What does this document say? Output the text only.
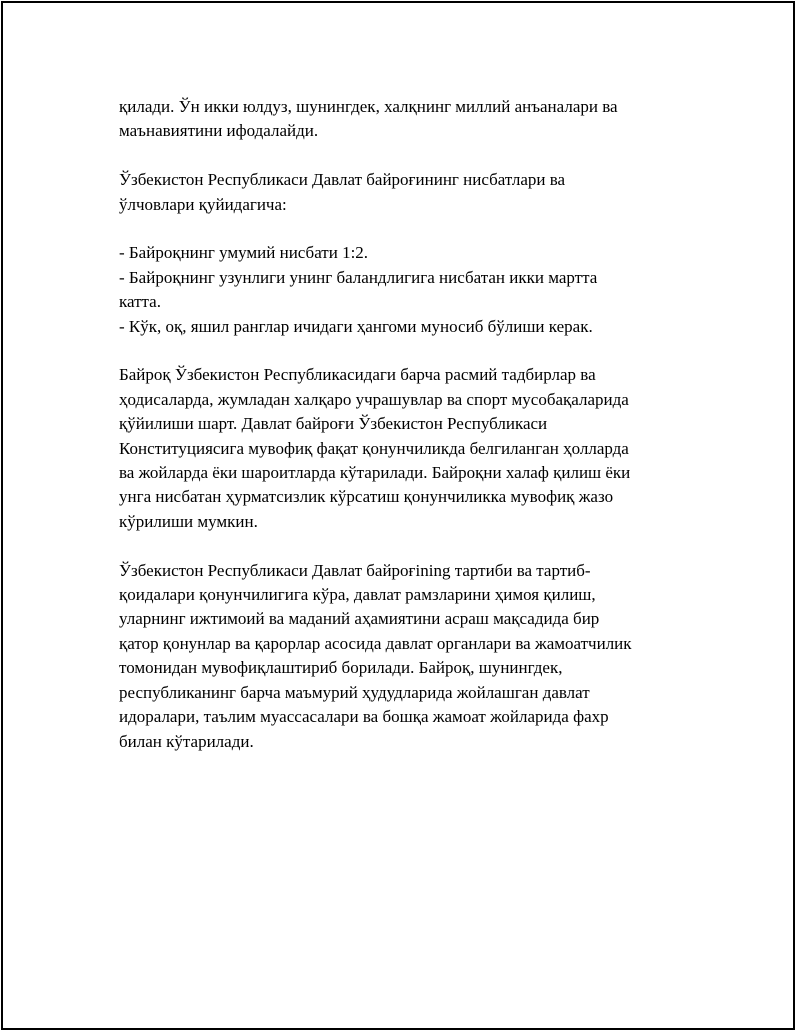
қилади. Ўн икки юлдуз, шунингдек, халқнинг миллий анъаналари ва
маънавиятини ифодалайди.

Ўзбекистон Республикаси Давлат байроғининг нисбатлари ва
ўлчовлари қуйидагича:

- Байроқнинг умумий нисбати 1:2.
- Байроқнинг узунлиги унинг баландлигига нисбатан икки мартта
катта.
- Кўк, оқ, яшил ранглар ичидаги ҳангоми муносиб бўлиши керак.

Байроқ Ўзбекистон Республикасидаги барча расмий тадбирлар ва
ҳодисаларда, жумладан халқаро учрашувлар ва спорт мусобақаларида
қўйилиши шарт. Давлат байроғи Ўзбекистон Республикаси
Конституциясига мувофиқ фақат қонунчиликда белгиланган ҳолларда
ва жойларда ёки шароитларда кўтарилади. Байроқни халаф қилиш ёки
унга нисбатан ҳурматсизлик кўрсатиш қонунчиликка мувофиқ жазо
кўрилиши мумкин.

Ўзбекистон Республикаси Давлат байроғining тартиби ва тартиб-
қоидалари қонунчилигига кўра, давлат рамзларини ҳимоя қилиш,
уларнинг ижтимоий ва маданий аҳамиятини асраш мақсадида бир
қатор қонунлар ва қарорлар асосида давлат органлари ва жамоатчилик
томонидан мувофиқлаштириб борилади. Байроқ, шунингдек,
республиканинг барча маъмурий ҳудудларида жойлашган давлат
идоралари, таълим муассасалари ва бошқа жамоат жойларида фахр
билан кўтарилади.
